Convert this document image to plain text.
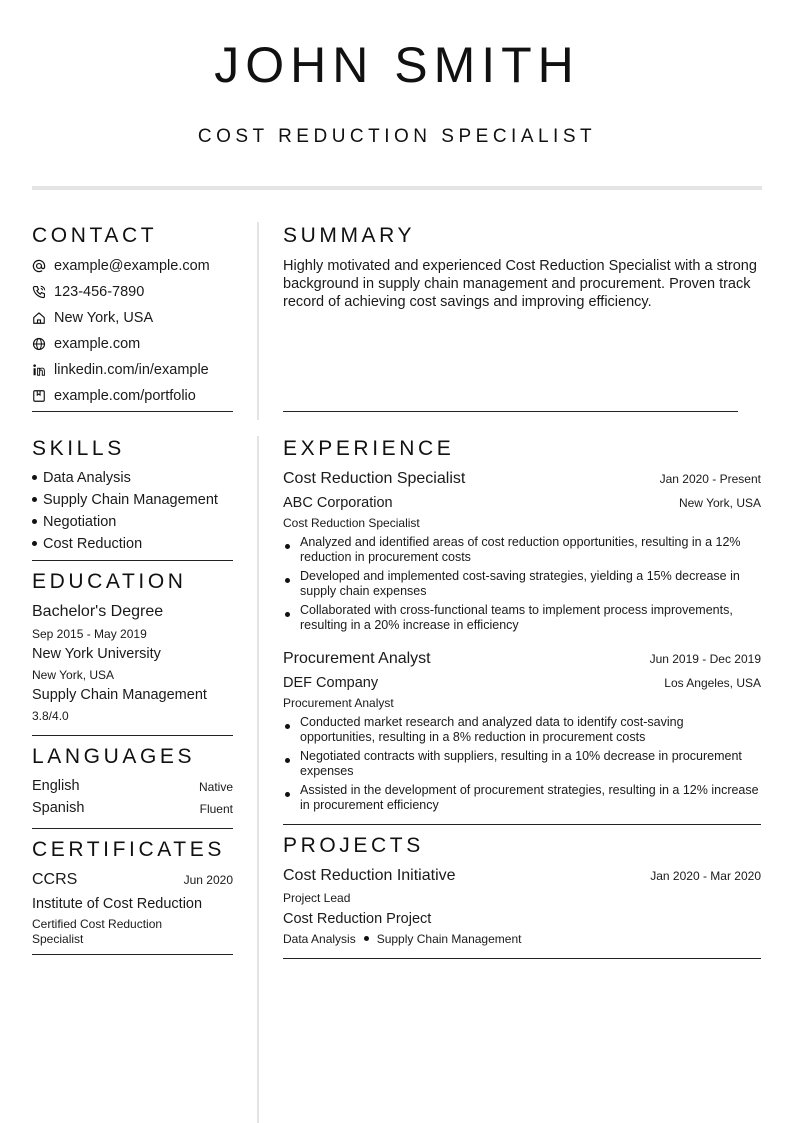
JOHN SMITH
COST REDUCTION SPECIALIST
CONTACT
example@example.com
123-456-7890
New York, USA
example.com
linkedin.com/in/example
example.com/portfolio
SUMMARY
Highly motivated and experienced Cost Reduction Specialist with a strong background in supply chain management and procurement. Proven track record of achieving cost savings and improving efficiency.
SKILLS
Data Analysis
Supply Chain Management
Negotiation
Cost Reduction
EDUCATION
Bachelor's Degree
Sep 2015 - May 2019
New York University
New York, USA
Supply Chain Management
3.8/4.0
LANGUAGES
English	Native
Spanish	Fluent
CERTIFICATES
CCRS	Jun 2020
Institute of Cost Reduction
Certified Cost Reduction Specialist
EXPERIENCE
Cost Reduction Specialist	Jan 2020 - Present
ABC Corporation	New York, USA
Cost Reduction Specialist
Analyzed and identified areas of cost reduction opportunities, resulting in a 12% reduction in procurement costs
Developed and implemented cost-saving strategies, yielding a 15% decrease in supply chain expenses
Collaborated with cross-functional teams to implement process improvements, resulting in a 20% increase in efficiency
Procurement Analyst	Jun 2019 - Dec 2019
DEF Company	Los Angeles, USA
Procurement Analyst
Conducted market research and analyzed data to identify cost-saving opportunities, resulting in a 8% reduction in procurement costs
Negotiated contracts with suppliers, resulting in a 10% decrease in procurement expenses
Assisted in the development of procurement strategies, resulting in a 12% increase in procurement efficiency
PROJECTS
Cost Reduction Initiative	Jan 2020 - Mar 2020
Project Lead
Cost Reduction Project
Data Analysis Supply Chain Management
